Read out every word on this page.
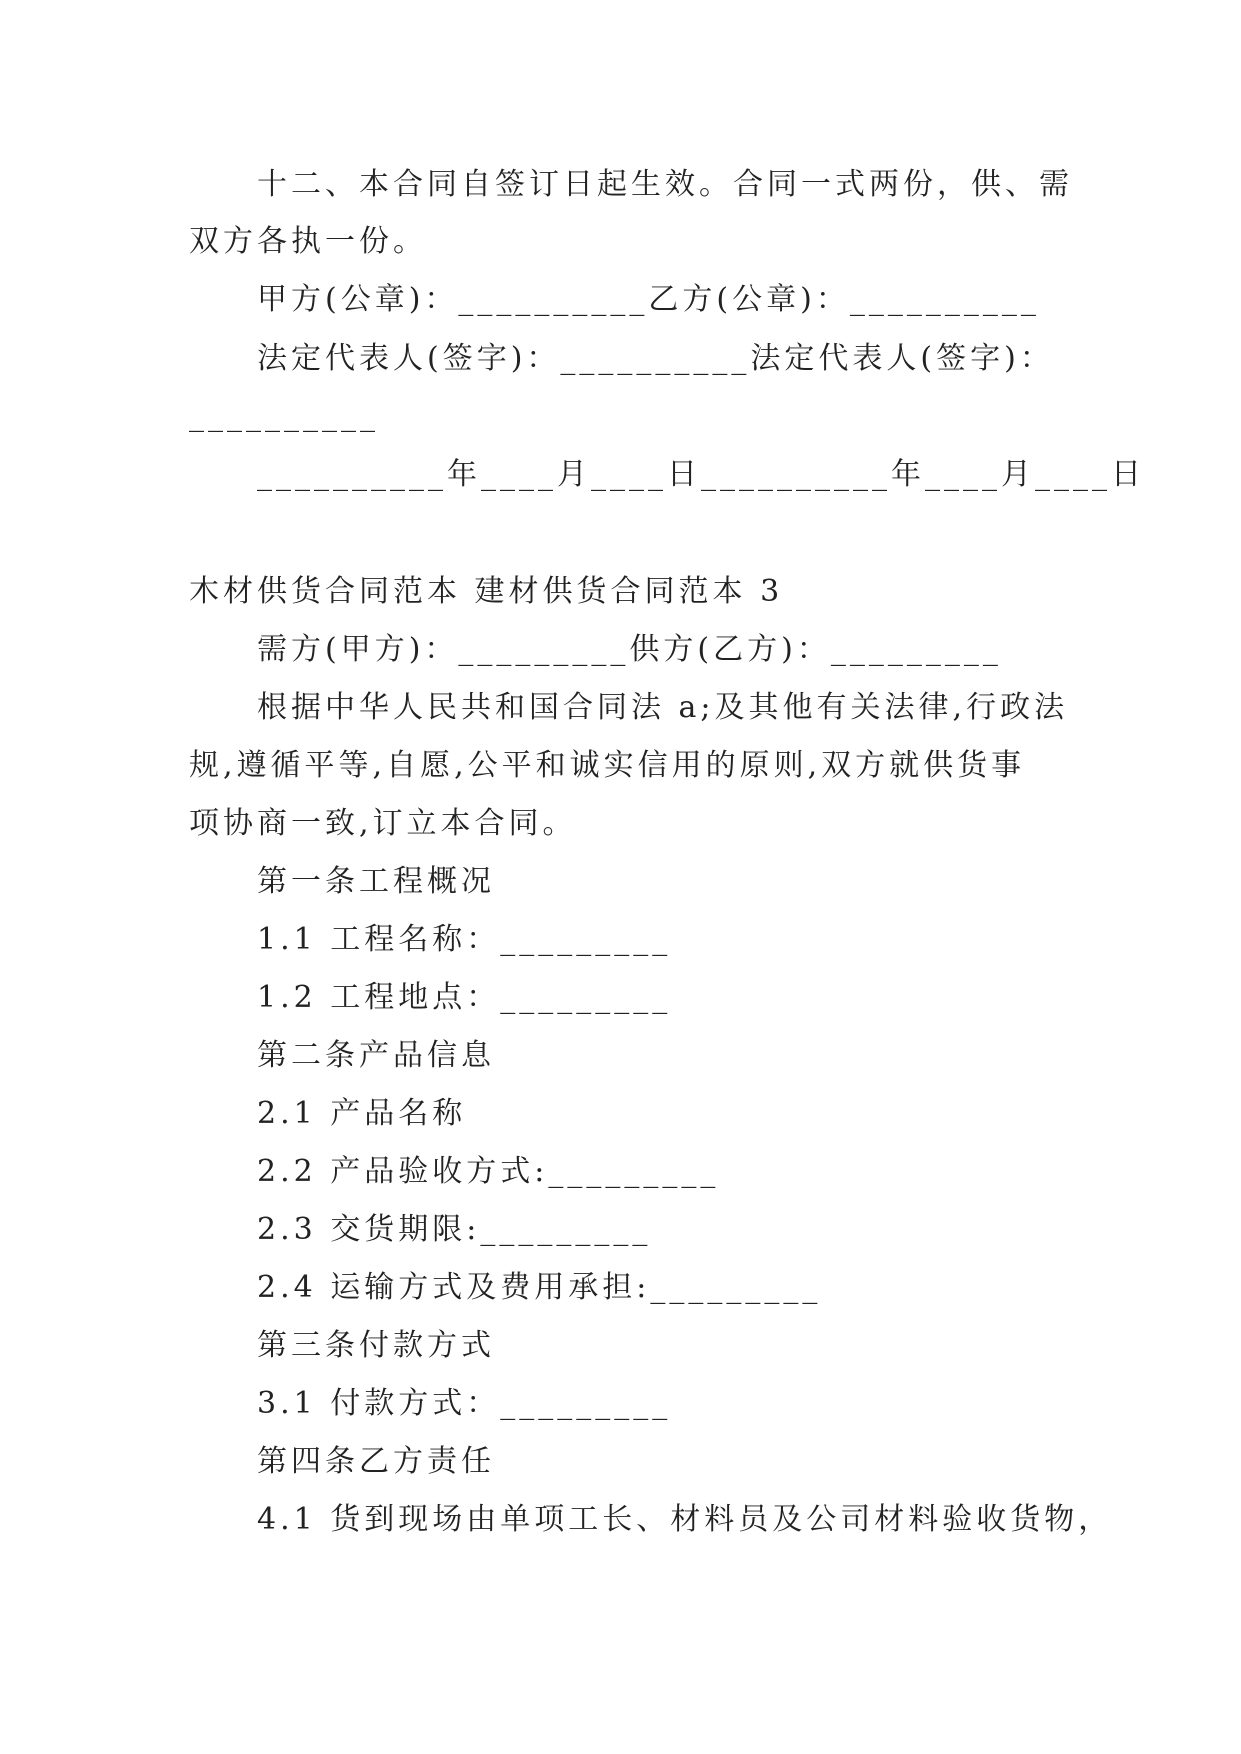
十二、本合同自签订日起生效。合同一式两份，供、需
双方各执一份。
甲方(公章)：__________乙方(公章)：__________
法定代表人(签字)：__________法定代表人(签字)：
__________
__________年____月____日__________年____月____日
木材供货合同范本 建材供货合同范本 3
需方(甲方)：_________供方(乙方)：_________
根据中华人民共和国合同法 a;及其他有关法律,行政法
规,遵循平等,自愿,公平和诚实信用的原则,双方就供货事
项协商一致,订立本合同。
第一条工程概况
1.1 工程名称：_________
1.2 工程地点：_________
第二条产品信息
2.1 产品名称
2.2 产品验收方式:_________
2.3 交货期限:_________
2.4 运输方式及费用承担:_________
第三条付款方式
3.1 付款方式：_________
第四条乙方责任
4.1 货到现场由单项工长、材料员及公司材料验收货物，
